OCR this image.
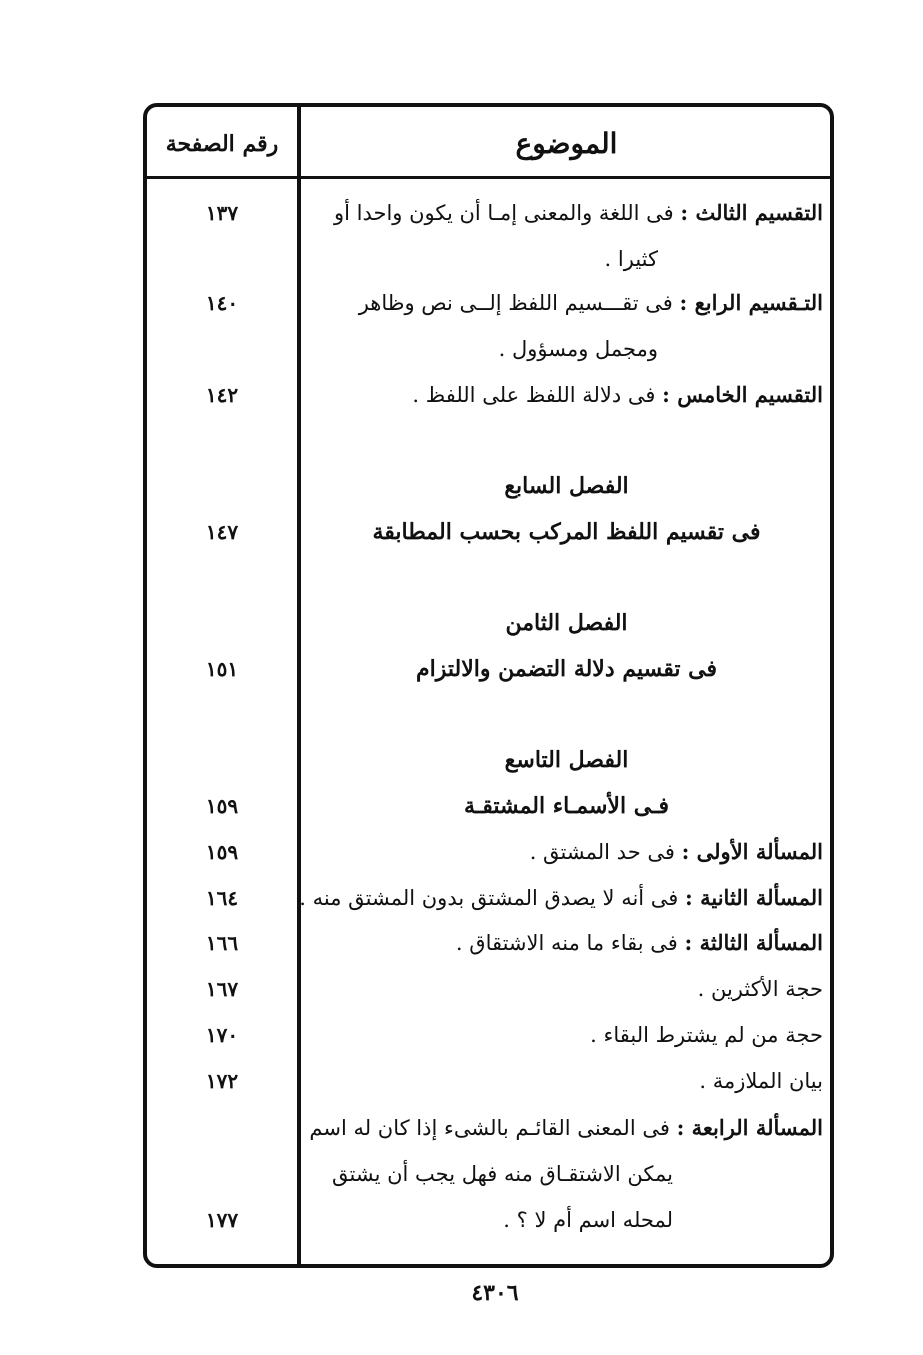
الموضوع
رقم الصفحة
التقسيم الثالث : فى اللغة والمعنى إمـا أن يكون واحدا أو
كثيرا .
١٣٧
التـقسيم الرابع : فى تقـــسيم اللفظ إلــى نص وظاهر
ومجمل ومسؤول .
١٤٠
التقسيم الخامس : فى دلالة اللفظ على اللفظ .
١٤٢
الفصل السابع
فى تقسيم اللفظ المركب بحسب المطابقة
١٤٧
الفصل الثامن
فى تقسيم دلالة التضمن والالتزام
١٥١
الفصل التاسع
فـى الأسمـاء المشتقـة
١٥٩
المسألة الأولى : فى حد المشتق .
١٥٩
المسألة الثانية : فى أنه لا يصدق المشتق بدون المشتق منه .
١٦٤
المسألة الثالثة : فى بقاء ما منه الاشتقاق .
١٦٦
حجة الأكثرين .
١٦٧
حجة من لم يشترط البقاء .
١٧٠
بيان الملازمة .
١٧٢
المسألة الرابعة : فى المعنى القائـم بالشىء إذا كان له اسم
يمكن الاشتقـاق منه فهل يجب أن يشتق
لمحله اسم أم لا ؟ .
١٧٧
٤٣٠٦
